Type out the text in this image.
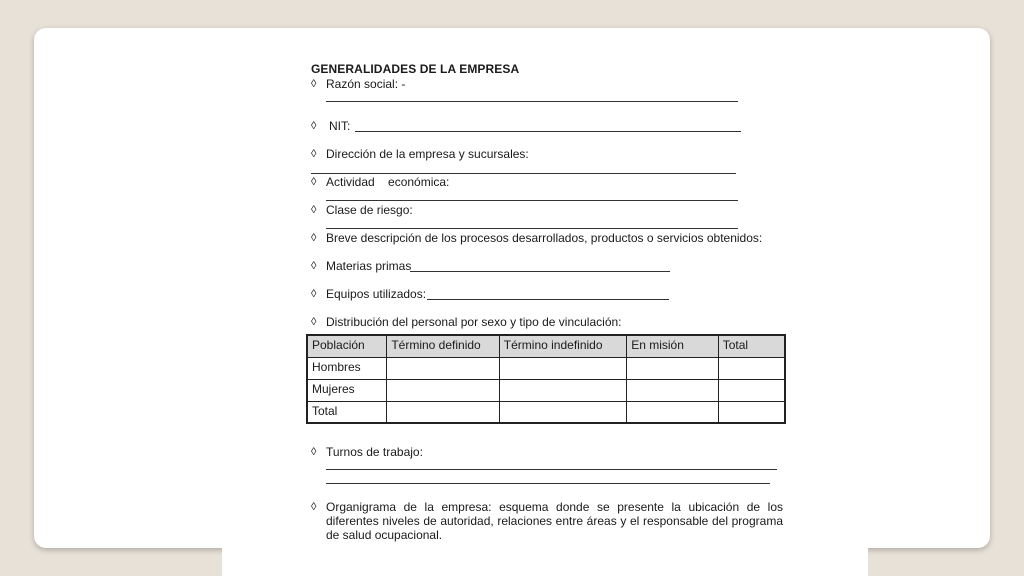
GENERALIDADES DE LA EMPRESA
◊ Razón social: -
◊ NIT:
◊ Dirección de la empresa y sucursales:
◊ Actividad    económica:
◊ Clase de riesgo:
◊ Breve descripción de los procesos desarrollados, productos o servicios obtenidos:
◊ Materias primas
◊ Equipos utilizados:
◊ Distribución del personal por sexo y tipo de vinculación:
Población	Término definido	Término indefinido	En misión	Total
Hombres				
Mujeres				
Total				
◊ Turnos de trabajo:
◊ Organigrama de la empresa: esquema donde se presente la ubicación de los diferentes niveles de autoridad, relaciones entre áreas y el responsable del programa de salud ocupacional.
